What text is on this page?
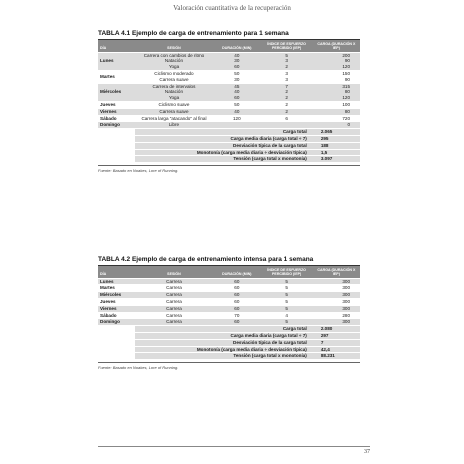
Valoración cuantitativa de la recuperación
TABLA 4.1 Ejemplo de carga de entrenamiento para 1 semana
DÍA	SESIÓN	DURACIÓN (MIN)	ÍNDICE DE ESFUERZO PERCIBIDO (IEP)	CARGA (DURACIÓN X IEP)
Lunes	Carrera con cambios de ritmo	40	5	200
	Natación	30	3	90
	Yoga	60	2	120
Martes	Ciclismo moderado	50	3	150
	Carrera suave	30	3	90
Miércoles	Carrera de intervalos	45	7	315
	Natación	40	2	80
	Yoga	60	2	120
Jueves	Ciclismo suave	50	2	100
Viernes	Carrera suave	40	2	80
Sábado	Carrera larga "atacando" al final	120	6	720
Domingo	Libre			0
	Carga total			2.065
	Carga media diaria (carga total ÷ 7)			295
	Desviación típica de la carga total			188
	Monotonía (carga media diaria ÷ desviación típica)			1,5
	Tensión (carga total x monotonía)			3.097
Fuente: Basado en Noakes, Lore of Running.
TABLA 4.2 Ejemplo de carga de entrenamiento intensa para 1 semana
DÍA	SESIÓN	DURACIÓN (MIN)	ÍNDICE DE ESFUERZO PERCIBIDO (IEP)	CARGA (DURACIÓN X IEP)
Lunes	Carrera	60	5	300
Martes	Carrera	60	5	300
Miércoles	Carrera	60	5	300
Jueves	Carrera	60	5	300
Viernes	Carrera	60	5	300
Sábado	Carrera	70	4	280
Domingo	Carrera	60	5	300
	Carga total			2.080
	Carga media diaria (carga total ÷ 7)			297
	Desviación típica de la carga total			7
	Monotonía (carga media diaria ÷ desviación típica)			42,4
	Tensión (carga total x monotonía)			88.231
Fuente: Basado en Noakes, Lore of Running.
37
